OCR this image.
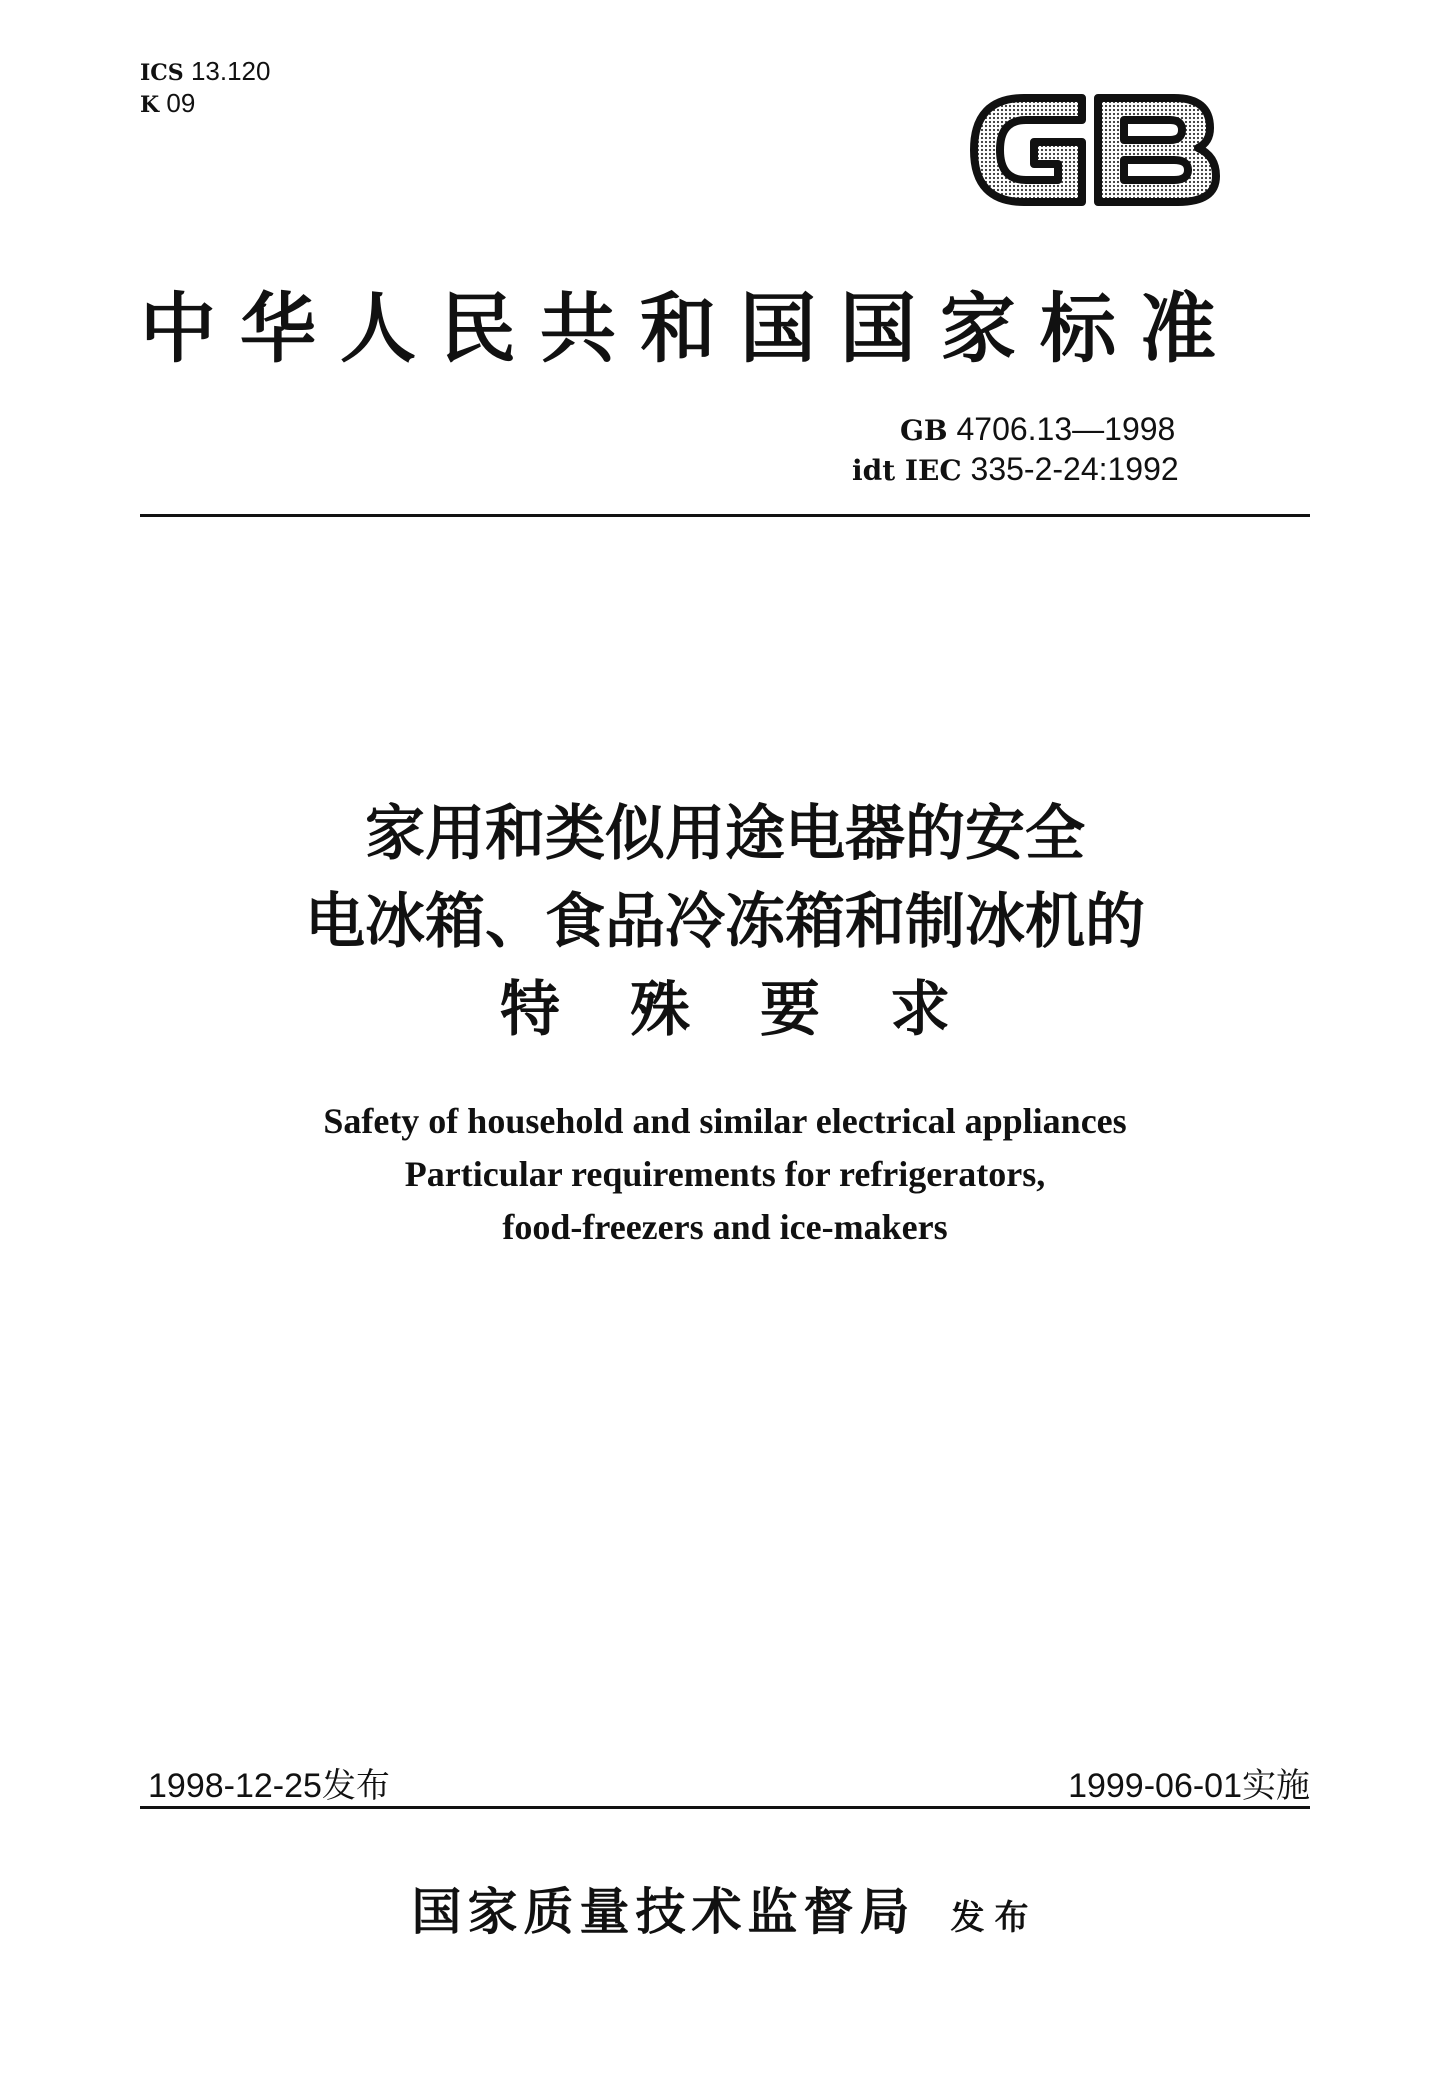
ICS 13.120
K 09
中华人民共和国国家标准
GB 4706.13—1998
idt IEC 335-2-24:1992
家用和类似用途电器的安全
电冰箱、食品冷冻箱和制冰机的
特殊要求
Safety of household and similar electrical appliances
Particular requirements for refrigerators,
food-freezers and ice-makers
1998-12-25发布	1999-06-01实施
国家质量技术监督局 发布
